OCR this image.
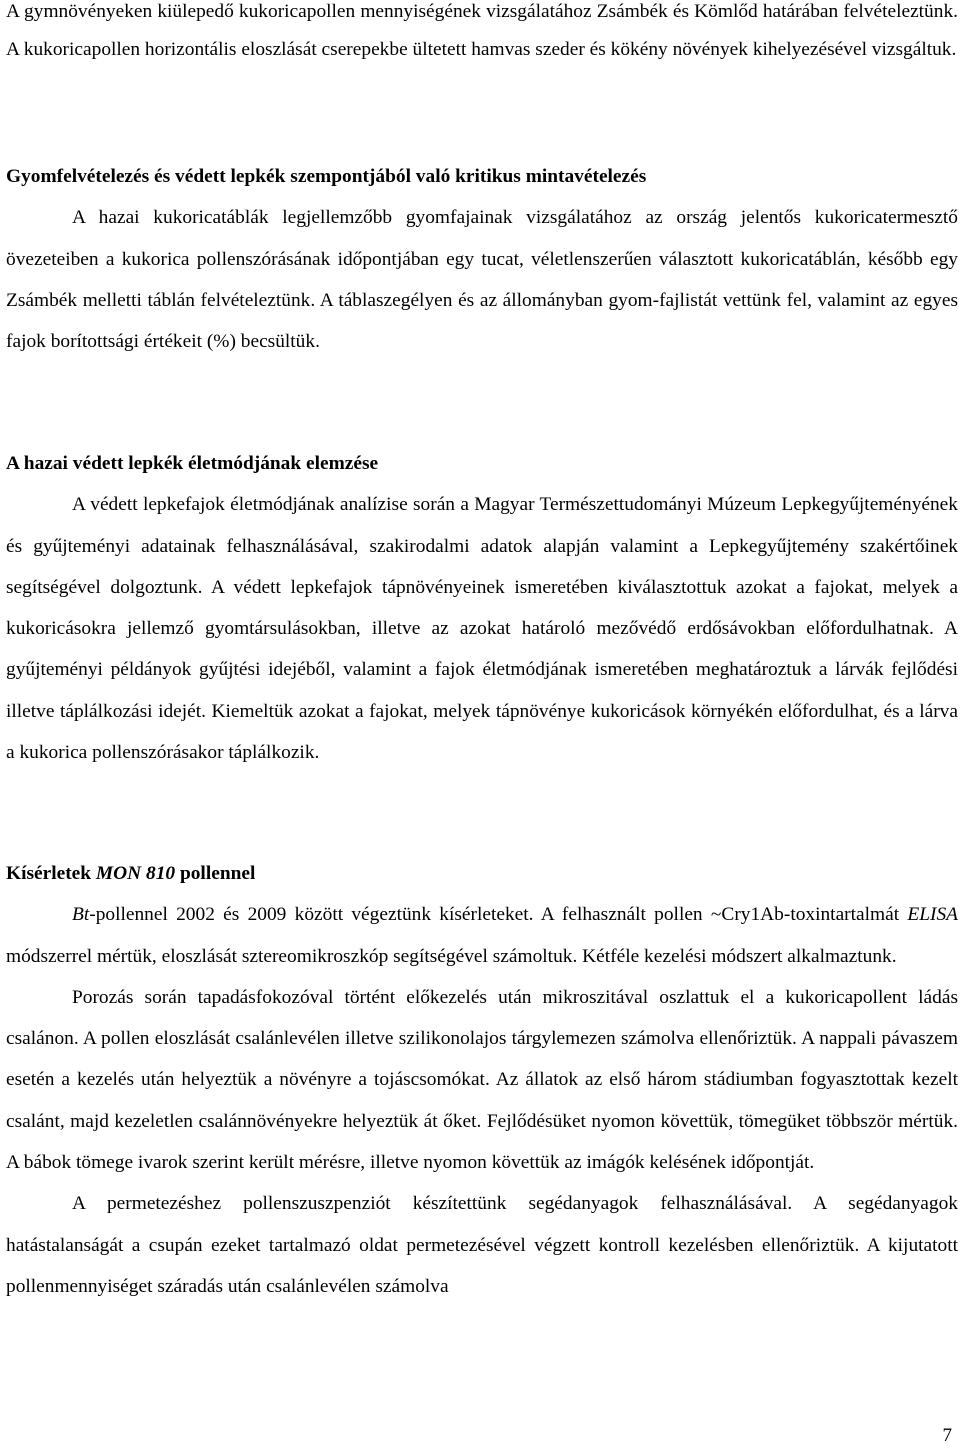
A gymnövényeken kiülepedő kukoricapollen mennyiségének vizsgálatához Zsámbék és Kömlőd határában felvételeztünk. A kukoricapollen horizontális eloszlását cserepekbe ültetett hamvas szeder és kökény növények kihelyezésével vizsgáltuk.

Gyomfelvételezés és védett lepkék szempontjából való kritikus mintavételezés

A hazai kukoricatáblák legjellemzőbb gyomfajainak vizsgálatához az ország jelentős kukoricatermesztő övezeteiben a kukorica pollenszórásának időpontjában egy tucat, véletlenszerűen választott kukoricatáblán, később egy Zsámbék melletti táblán felvételeztünk. A táblaszegélyen és az állományban gyom-fajlistát vettünk fel, valamint az egyes fajok borítottsági értékeit (%) becsültük.

A hazai védett lepkék életmódjának elemzése

A védett lepkefajok életmódjának analízise során a Magyar Természettudományi Múzeum Lepkegyűjteményének és gyűjteményi adatainak felhasználásával, szakirodalmi adatok alapján valamint a Lepkegyűjtemény szakértőinek segítségével dolgoztunk. A védett lepkefajok tápnövényeinek ismeretében kiválasztottuk azokat a fajokat, melyek a kukoricásokra jellemző gyomtársulásokban, illetve az azokat határoló mezővédő erdősávokban előfordulhatnak. A gyűjteményi példányok gyűjtési idejéből, valamint a fajok életmódjának ismeretében meghatároztuk a lárvák fejlődési illetve táplálkozási idejét. Kiemeltük azokat a fajokat, melyek tápnövénye kukoricások környékén előfordulhat, és a lárva a kukorica pollenszórásakor táplálkozik.

Kísérletek MON 810 pollennel

Bt-pollennel 2002 és 2009 között végeztünk kísérleteket. A felhasznált pollen ~Cry1Ab-toxintartalmát ELISA módszerrel mértük, eloszlását sztereomikroszkóp segítségével számoltuk. Kétféle kezelési módszert alkalmaztunk.

Porozás során tapadásfokozóval történt előkezelés után mikroszitával oszlattuk el a kukoricapollent ládás csalánon. A pollen eloszlását csalánlevélen illetve szilikonolajos tárgylemezen számolva ellenőriztük. A nappali pávaszem esetén a kezelés után helyeztük a növényre a tojáscsomókat. Az állatok az első három stádiumban fogyasztottak kezelt csalánt, majd kezeletlen csalánnövényekre helyeztük át őket. Fejlődésüket nyomon követtük, tömegüket többször mértük. A bábok tömege ivarok szerint került mérésre, illetve nyomon követtük az imágók kelésének időpontját.

A permetezéshez pollenszuszpenziót készítettünk segédanyagok felhasználásával. A segédanyagok hatástalanságát a csupán ezeket tartalmazó oldat permetezésével végzett kontroll kezelésben ellenőriztük. A kijutatott pollenmennyiséget száradás után csalánlevélen számolva

7
